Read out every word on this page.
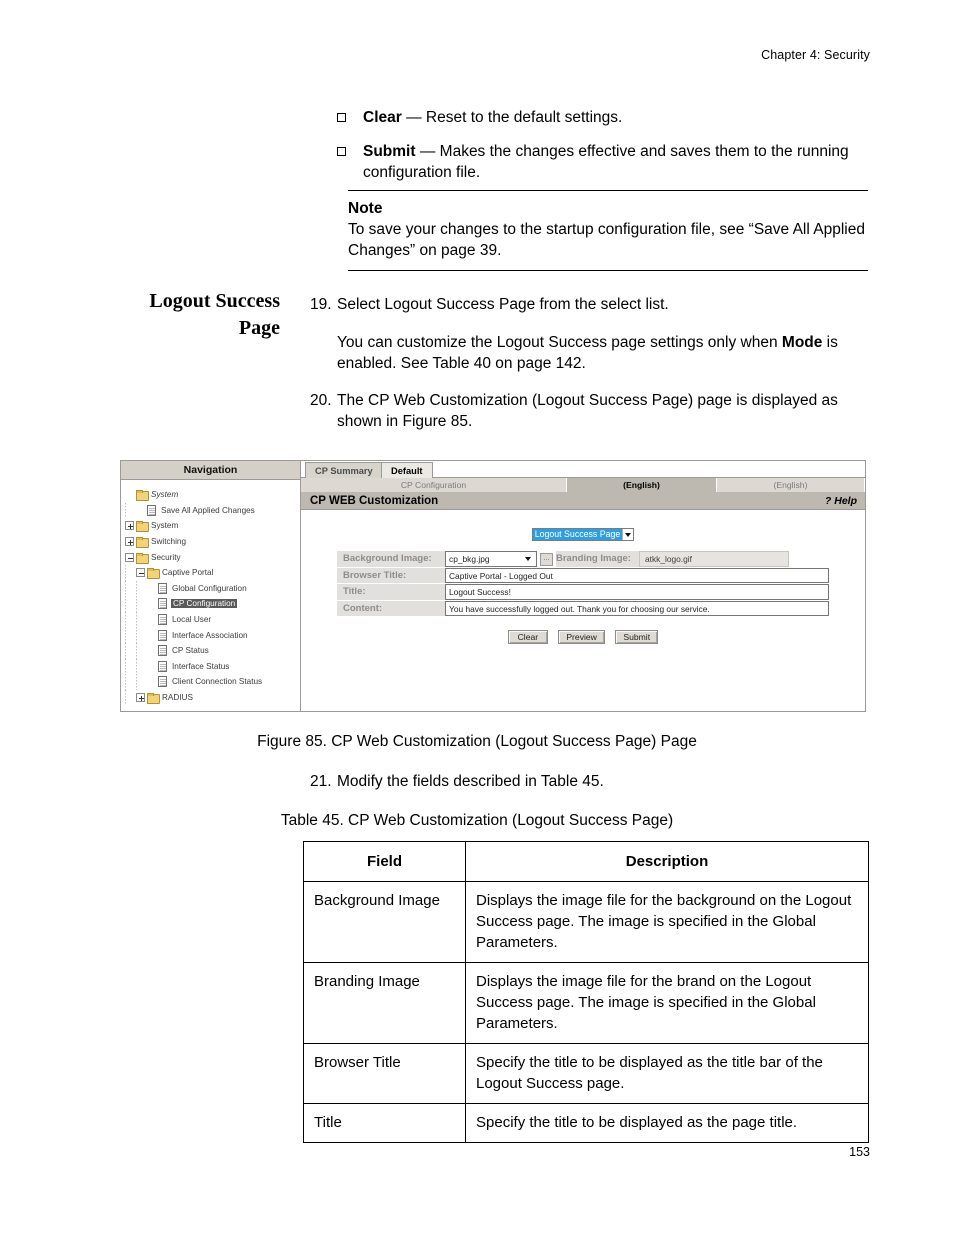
Chapter 4: Security
Clear — Reset to the default settings.
Submit — Makes the changes effective and saves them to the running configuration file.
Note
To save your changes to the startup configuration file, see “Save All Applied Changes” on page 39.
Logout Success Page
19. Select Logout Success Page from the select list.
You can customize the Logout Success page settings only when Mode is enabled. See Table 40 on page 142.
20. The CP Web Customization (Logout Success Page) page is displayed as shown in Figure 85.
Navigation
System
Save All Applied Changes
System
Switching
Security
Captive Portal
Global Configuration
CP Configuration
Local User
Interface Association
CP Status
Interface Status
Client Connection Status
RADIUS
CP Summary	Default
CP Configuration	(English)	(English)
CP WEB Customization	? Help
Logout Success Page
Background Image:	cp_bkg.jpg	... Branding Image:	atkk_logo.gif
Browser Title:	Captive Portal - Logged Out
Title:	Logout Success!
Content:	You have successfully logged out. Thank you for choosing our service.
Clear	Preview	Submit
Figure 85. CP Web Customization (Logout Success Page) Page
21. Modify the fields described in Table 45.
Table 45. CP Web Customization (Logout Success Page)
Field	Description
Background Image	Displays the image file for the background on the Logout Success page. The image is specified in the Global Parameters.
Branding Image	Displays the image file for the brand on the Logout Success page. The image is specified in the Global Parameters.
Browser Title	Specify the title to be displayed as the title bar of the Logout Success page.
Title	Specify the title to be displayed as the page title.
153
